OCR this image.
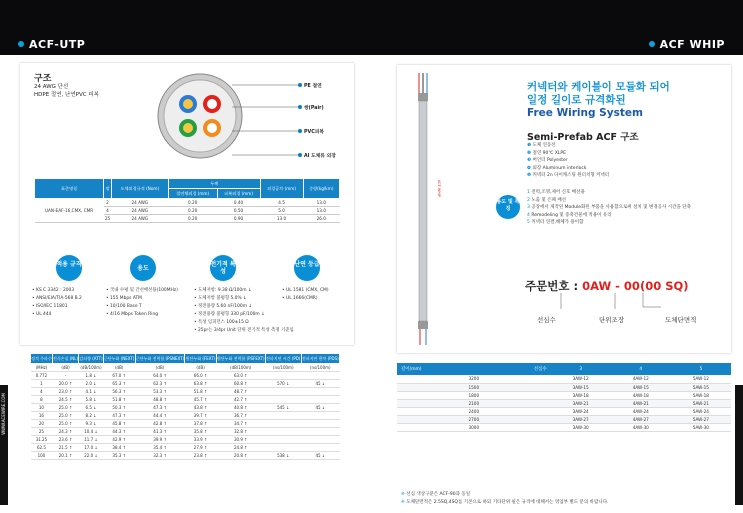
ACF-UTP	ACF WHIP
WWW.ACEWIRE.COM
구조
24 AWG 단선
HDPE 절연, 난연PVC 피복
PE 절연
쌍(Pair)
PVC피복
Al 도체류 외장
표준명칭	쌍	도체외경규격 (Nom)	두께		외경공차 (mm)	중량(kg/km)
			절연체외경 (mm)	피복외경 (mm)		
UAN-EAF-16,CMX, CMR	2	24 AWG	0.20	0.40	4.5	13.0
	4	24 AWG	0.20	0.50	5.0	13.0
	25	24 AWG	0.20	0.90	13.0	26.0
적용 규격
용도
전기적 특성
난연 등급
• KS C 3342 : 2003
• ANSI/EIA/TIA-568 B.2
• ISO/IEC 11801
• UL 444
• 국내 수평 및 간선배선용(100MHz)
• 155 Mbps ATM
• 10/100 Base T
• 4/16 Mbps Token Ring
• 도체저항: 9.38 Ω/100m ↓
• 도체저항 불평형 5.0% ↓
• 정전용량 5.60 nF/100m ↓
• 정전용량 불평형 330 pF/100m ↓
• 특성 임피던스 100±15 Ω
• 25pr는 3/4pr Unit 단위 전기적 특성 측정 기준임
• UL 1581 (CMX, CM)
• UL 1666(CMR)
정격 주파수	전식손실 (NL)	감쇠량 (ATT)	근단누화 (NEXT)	근단누화 전력합 (PSNEXT)	원단누화 (FEXT)	원단누화 전력합 (PSFEXT)	전파지연 시간 (PD)	전파지연 편차 (PDS)
(MHz)	(dB)	(dB/100m)	(dB)	(dB)	(dB)	(dB/100m)	(ns/100m)	(ns/100m)
0.772	-	1.8 ↓	67.0 ↑	64.0 ↑	66.0 ↑	63.0 ↑		
1	20.0 ↑	2.0 ↓	65.3 ↑	62.3 ↑	63.8 ↑	60.8 ↑	570 ↓	45 ↓
4	23.0 ↑	4.1 ↓	56.3 ↑	53.3 ↑	51.8 ↑	48.7 ↑		
8	24.5 ↑	5.8 ↓	51.8 ↑	48.8 ↑	45.7 ↑	42.7 ↑		
10	25.0 ↑	6.5 ↓	50.3 ↑	47.3 ↑	43.8 ↑	40.8 ↑	545 ↓	45 ↓
16	25.0 ↑	8.2 ↓	47.3 ↑	44.4 ↑	39.7 ↑	36.7 ↑		
20	25.0 ↑	9.3 ↓	45.8 ↑	42.8 ↑	37.8 ↑	34.7 ↑		
25	24.3 ↑	10.4 ↓	44.3 ↑	41.3 ↑	35.8 ↑	32.8 ↑		
31.25	23.6 ↑	11.7 ↓	42.9 ↑	39.9 ↑	33.9 ↑	30.9 ↑		
62.5	21.5 ↑	17.0 ↓	38.4 ↑	35.4 ↑	27.9 ↑	24.8 ↑		
100	20.1 ↑	22.0 ↓	35.3 ↑	32.3 ↑	23.8 ↑	20.8 ↑	538 ↓	45 ↓
ACF WHIP
커넥터와 케이블이 모듈화 되어
일정 길이로 규격화된
Free Wiring System
Semi-Prefab ACF 구조
❶ 도체 연동선
❷ 절연 90℃ XLPE
❸ 버인더 Polyester
❹ 외장 Aluminum interlock
❺ 커넥터 2n 다이캐스팅 원터치형 커넥터
용도 및 특징
1 전력,조명,제어 신호 배선용
2 노출 및 은폐 배선
3 공장에서 제작된 Module화된 부품을 사용함으로써 설치 및 변경공사 시간을 단축
4 Remodeling 및 증축건물에 적용이 유리
5 커넥터 연결,해체가 용이함
주문번호 : 0AW - 00(00 SQ)
선심수	단위조장	도체단면적
길이(mm) 선심수	3	4	5
3200	3AW-12	4AW-12	5AW-12
1500	3AW-15	4AW-15	5AW-15
1800	3AW-18	4AW-18	5AW-18
2100	3AW-21	4AW-21	5AW-21
2400	3AW-24	4AW-24	5AW-24
2700	3AW-27	4AW-27	5AW-27
3000	3AW-30	4AW-30	5AW-30
※ 선심 색상구분은 ACF-90과 동일
※ 도체단면적은 2.5SQ,4SQ를 기본으로 하되 기타단위 필은 규격에 대해서는 영업부 별도 문의 바랍니다.
